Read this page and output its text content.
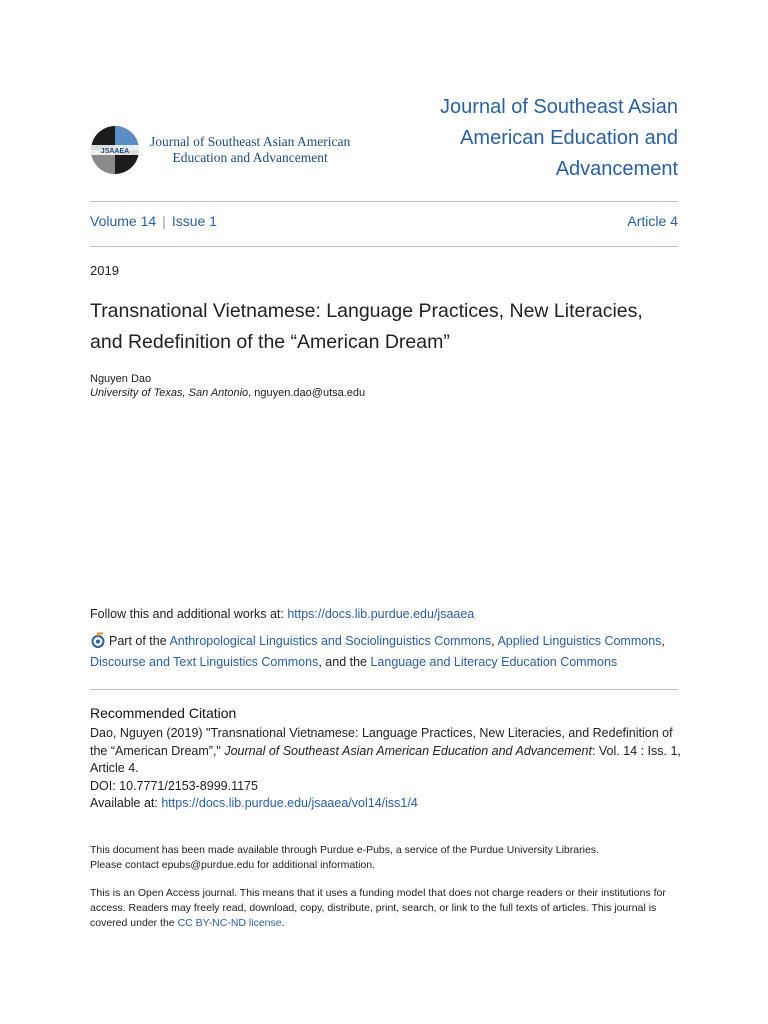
JSAAEA
Journal of Southeast Asian American
Education and Advancement
Journal of Southeast Asian
American Education and
Advancement
Volume 14 | Issue 1	Article 4
2019
Transnational Vietnamese: Language Practices, New Literacies,
and Redefinition of the “American Dream”
Nguyen Dao
University of Texas, San Antonio, nguyen.dao@utsa.edu
Follow this and additional works at: https://docs.lib.purdue.edu/jsaaea
Part of the Anthropological Linguistics and Sociolinguistics Commons, Applied Linguistics Commons,
Discourse and Text Linguistics Commons, and the Language and Literacy Education Commons
Recommended Citation
Dao, Nguyen (2019) "Transnational Vietnamese: Language Practices, New Literacies, and Redefinition of the “American Dream”," Journal of Southeast Asian American Education and Advancement: Vol. 14 : Iss. 1, Article 4.
DOI: 10.7771/2153-8999.1175
Available at: https://docs.lib.purdue.edu/jsaaea/vol14/iss1/4
This document has been made available through Purdue e-Pubs, a service of the Purdue University Libraries.
Please contact epubs@purdue.edu for additional information.
This is an Open Access journal. This means that it uses a funding model that does not charge readers or their institutions for access. Readers may freely read, download, copy, distribute, print, search, or link to the full texts of articles. This journal is covered under the CC BY-NC-ND license.
